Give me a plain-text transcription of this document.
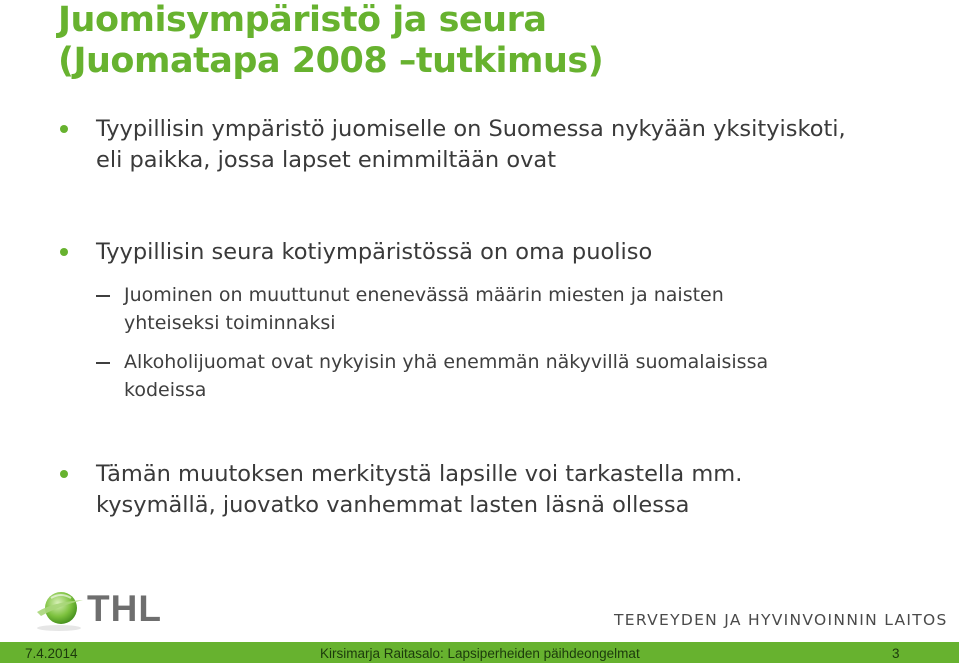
Juomisympäristö ja seura
(Juomatapa 2008 –tutkimus)
Tyypillisin ympäristö juomiselle on Suomessa nykyään yksityiskoti,
eli paikka, jossa lapset enimmiltään ovat
Tyypillisin seura kotiympäristössä on oma puoliso
Juominen on muuttunut enenevässä määrin miesten ja naisten
yhteiseksi toiminnaksi
Alkoholijuomat ovat nykyisin yhä enemmän näkyvillä suomalaisissa
kodeissa
Tämän muutoksen merkitystä lapsille voi tarkastella mm.
kysymällä, juovatko vanhemmat lasten läsnä ollessa
THL	TERVEYDEN JA HYVINVOINNIN LAITOS
7.4.2014	Kirsimarja Raitasalo: Lapsiperheiden päihdeongelmat	3
